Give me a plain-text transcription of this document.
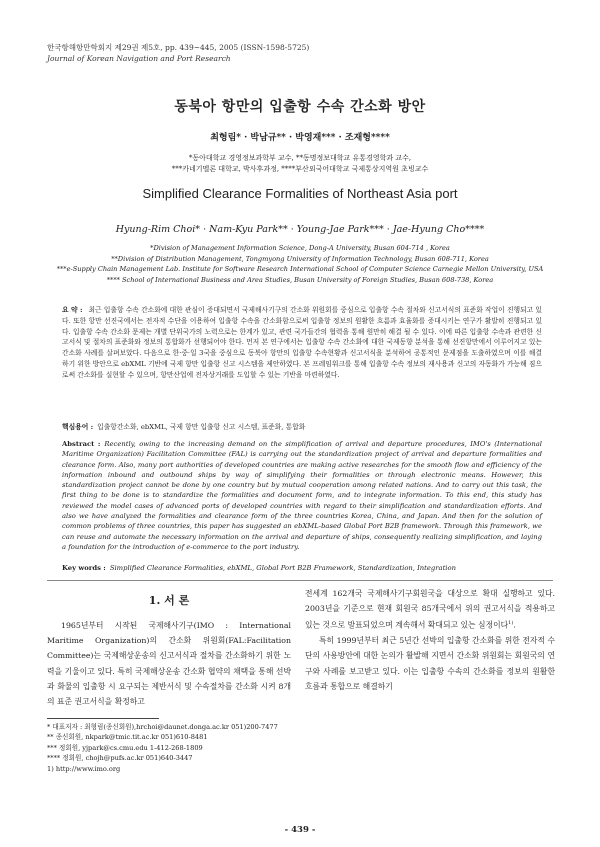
한국항해항만학회지 제29권 제5호, pp. 439~445, 2005 (ISSN-1598-5725)
Journal of Korean Navigation and Port Research
동북아 항만의 입출항 수속 간소화 방안
최형림* · 박남규** · 박영재*** · 조재형****
*동아대학교 경영정보과학부 교수, **동명정보대학교 유통경영학과 교수,
***카네기멜론 대학교, 박사후과정, ****부산외국어대학교 국제통상지역원 초빙교수
Simplified Clearance Formalities of Northeast Asia port
Hyung-Rim Choi* · Nam-Kyu Park** · Young-Jae Park*** · Jae-Hyung Cho****
*Division of Management Information Science, Dong-A University, Busan 604-714 , Korea
**Division of Distribution Management, Tongmyong University of Information Technology, Busan 608-711, Korea
***e-Supply Chain Management Lab. Institute for Software Research International School of Computer Science Carnegie Mellon University, USA
**** School of International Business and Area Studies, Busan University of Foreign Studies, Busan 608-738, Korea
요 약 : 최근 입출항 수속 간소화에 대한 관심이 증대되면서 국제해사기구의 간소화 위원회를 중심으로 입출항 수속 절차와 신고서식의 표준화 작업이 진행되고 있다. 또한 항만 선진국에서는 전자적 수단을 이용하여 입출항 수속을 간소화함으로써 입출항 정보의 원활한 흐름과 효율화를 증대시키는 연구가 활발히 진행되고 있다. 입출항 수속 간소화 문제는 개별 단위국가의 노력으로는 한계가 있고, 관련 국가들간의 협력을 통해 원만히 해결 될 수 있다. 이에 따른 입출항 수속과 관련한 신고서식 및 절차의 표준화와 정보의 통합화가 선행되어야 한다. 먼저 본 연구에서는 입출항 수속 간소화에 대한 국제동향 분석을 통해 선진항만에서 이루어지고 있는 간소화 사례를 살펴보았다. 다음으로 한·중·일 3국을 중심으로 동북아 항만의 입출항 수속현황과 신고서식을 분석하여 공통적인 문제점을 도출하였으며 이를 해결하기 위한 방안으로 ebXML 기반에 국제 항만 입출항 신고 시스템을 제안하였다. 본 프레임워크를 통해 입출항 수속 정보의 재사용과 신고의 자동화가 가능해 짐으로써 간소화를 실현할 수 있으며, 항만산업에 전자상거래를 도입할 수 있는 기반을 마련하였다.
핵심용어 : 입출항간소화, ebXML, 국제 항만 입출항 신고 시스템, 표준화, 통합화
Abstract : Recently, owing to the increasing demand on the simplification of arrival and departure procedures, IMO's (International Maritime Organization) Facilitation Committee (FAL) is carrying out the standardization project of arrival and departure formalities and clearance form. Also, many port authorities of developed countries are making active researches for the smooth flow and efficiency of the information inbound and outbound ships by way of simplifying their formalities or through electronic means. However, this standardization project cannot be done by one country but by mutual cooperation among related nations. And to carry out this task, the first thing to be done is to standardize the formalities and document form, and to integrate information. To this end, this study has reviewed the model cases of advanced ports of developed countries with regard to their simplification and standardization efforts. And also we have analyzed the formalities and clearance form of the three countries Korea, China, and Japan. And then for the solution of common problems of three countries, this paper has suggested an ebXML-based Global Port B2B framework. Through this framework, we can reuse and automate the necessary information on the arrival and departure of ships, consequently realizing simplification, and laying a foundation for the introduction of e-commerce to the port industry.
Key words : Simplified Clearance Formalities, ebXML, Global Port B2B Framework, Standardization, Integration
1. 서 론

1965년부터 시작된 국제해사기구(IMO : International Maritime Organization)의 간소화 위원회(FAL:Facilitation Committee)는 국제해상운송의 신고서식과 절차를 간소화하기 위한 노력을 기울이고 있다. 특히 국제해상운송 간소화 협약의 채택을 통해 선박과 화물의 입출항 시 요구되는 제반서식 및 수속절차를 간소화 시켜 8개의 표준 권고서식을 확정하고

전세계 162개국 국제해사기구회원국을 대상으로 확대 실행하고 있다. 2003년을 기준으로 현재 회원국 85개국에서 위의 권고서식을 적용하고 있는 것으로 발표되었으며 계속해서 확대되고 있는 실정이다$^{1)}$.

특히 1999년부터 최근 5년간 선박의 입출항 간소화를 위한 전자적 수단의 사용방안에 대한 논의가 활발해 지면서 간소화 위원회는 회원국의 연구와 사례를 보고받고 있다. 이는 입출항 수속의 간소화를 정보의 원활한 흐름과 통합으로 해결하기

* 대표저자 : 최형림(종신회원),hrchoi@daunet.donga.ac.kr 051)200-7477
** 종신회원, nkpark@tmic.tit.ac.kr 051)610-8481
*** 정회원, yjpark@cs.cmu.edu 1-412-268-1809
**** 정회원, chojh@pufs.ac.kr 051)640-3447
1) http://www.imo.org
- 439 -
